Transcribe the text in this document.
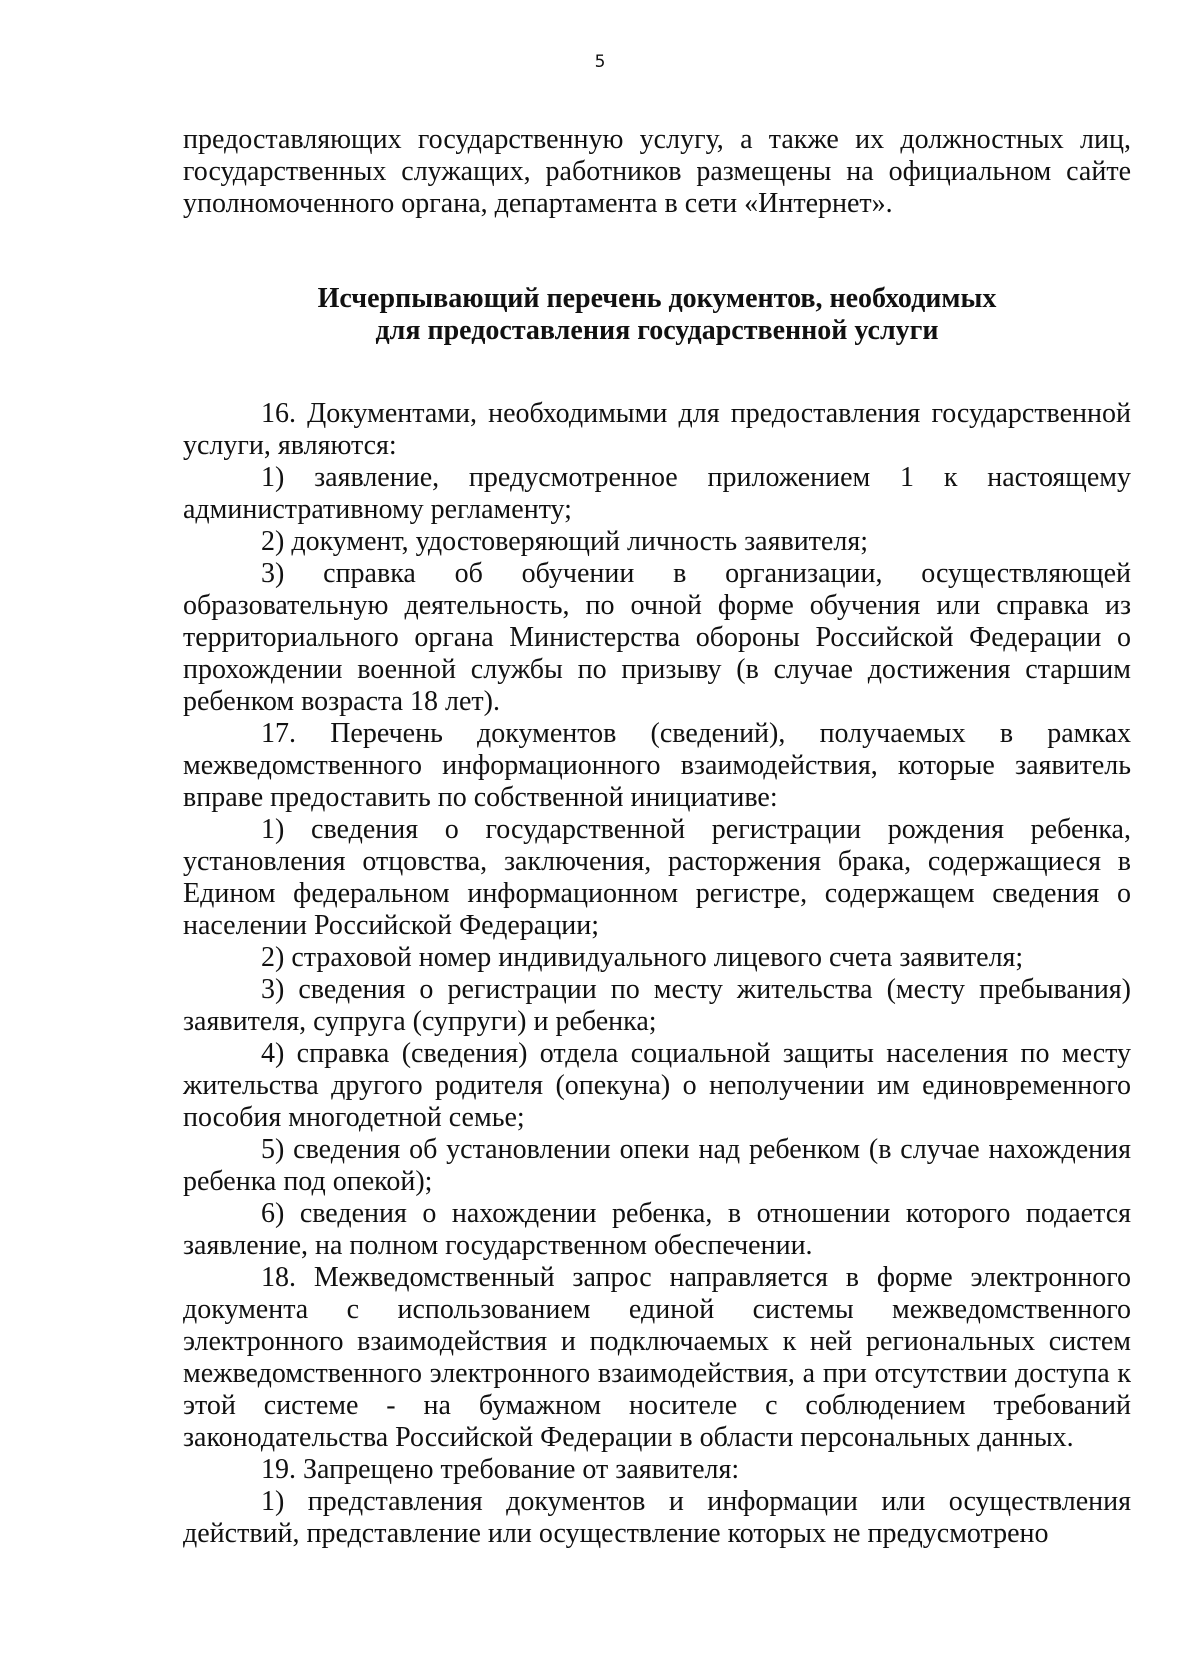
5

предоставляющих государственную услугу, а также их должностных лиц, государственных служащих, работников размещены на официальном сайте уполномоченного органа, департамента в сети «Интернет».

Исчерпывающий перечень документов, необходимых
для предоставления государственной услуги

16. Документами, необходимыми для предоставления государственной услуги, являются:

1) заявление, предусмотренное приложением 1 к настоящему административному регламенту;

2) документ, удостоверяющий личность заявителя;

3) справка об обучении в организации, осуществляющей образовательную деятельность, по очной форме обучения или справка из территориального органа Министерства обороны Российской Федерации о прохождении военной службы по призыву (в случае достижения старшим ребенком возраста 18 лет).

17. Перечень документов (сведений), получаемых в рамках межведомственного информационного взаимодействия, которые заявитель вправе предоставить по собственной инициативе:

1) сведения о государственной регистрации рождения ребенка, установления отцовства, заключения, расторжения брака, содержащиеся в Едином федеральном информационном регистре, содержащем сведения о населении Российской Федерации;

2) страховой номер индивидуального лицевого счета заявителя;

3) сведения о регистрации по месту жительства (месту пребывания) заявителя, супруга (супруги) и ребенка;

4) справка (сведения) отдела социальной защиты населения по месту жительства другого родителя (опекуна) о неполучении им единовременного пособия многодетной семье;

5) сведения об установлении опеки над ребенком (в случае нахождения ребенка под опекой);

6) сведения о нахождении ребенка, в отношении которого подается заявление, на полном государственном обеспечении.

18. Межведомственный запрос направляется в форме электронного документа с использованием единой системы межведомственного электронного взаимодействия и подключаемых к ней региональных систем межведомственного электронного взаимодействия, а при отсутствии доступа к этой системе - на бумажном носителе с соблюдением требований законодательства Российской Федерации в области персональных данных.

19. Запрещено требование от заявителя:

1) представления документов и информации или осуществления действий, представление или осуществление которых не предусмотрено
